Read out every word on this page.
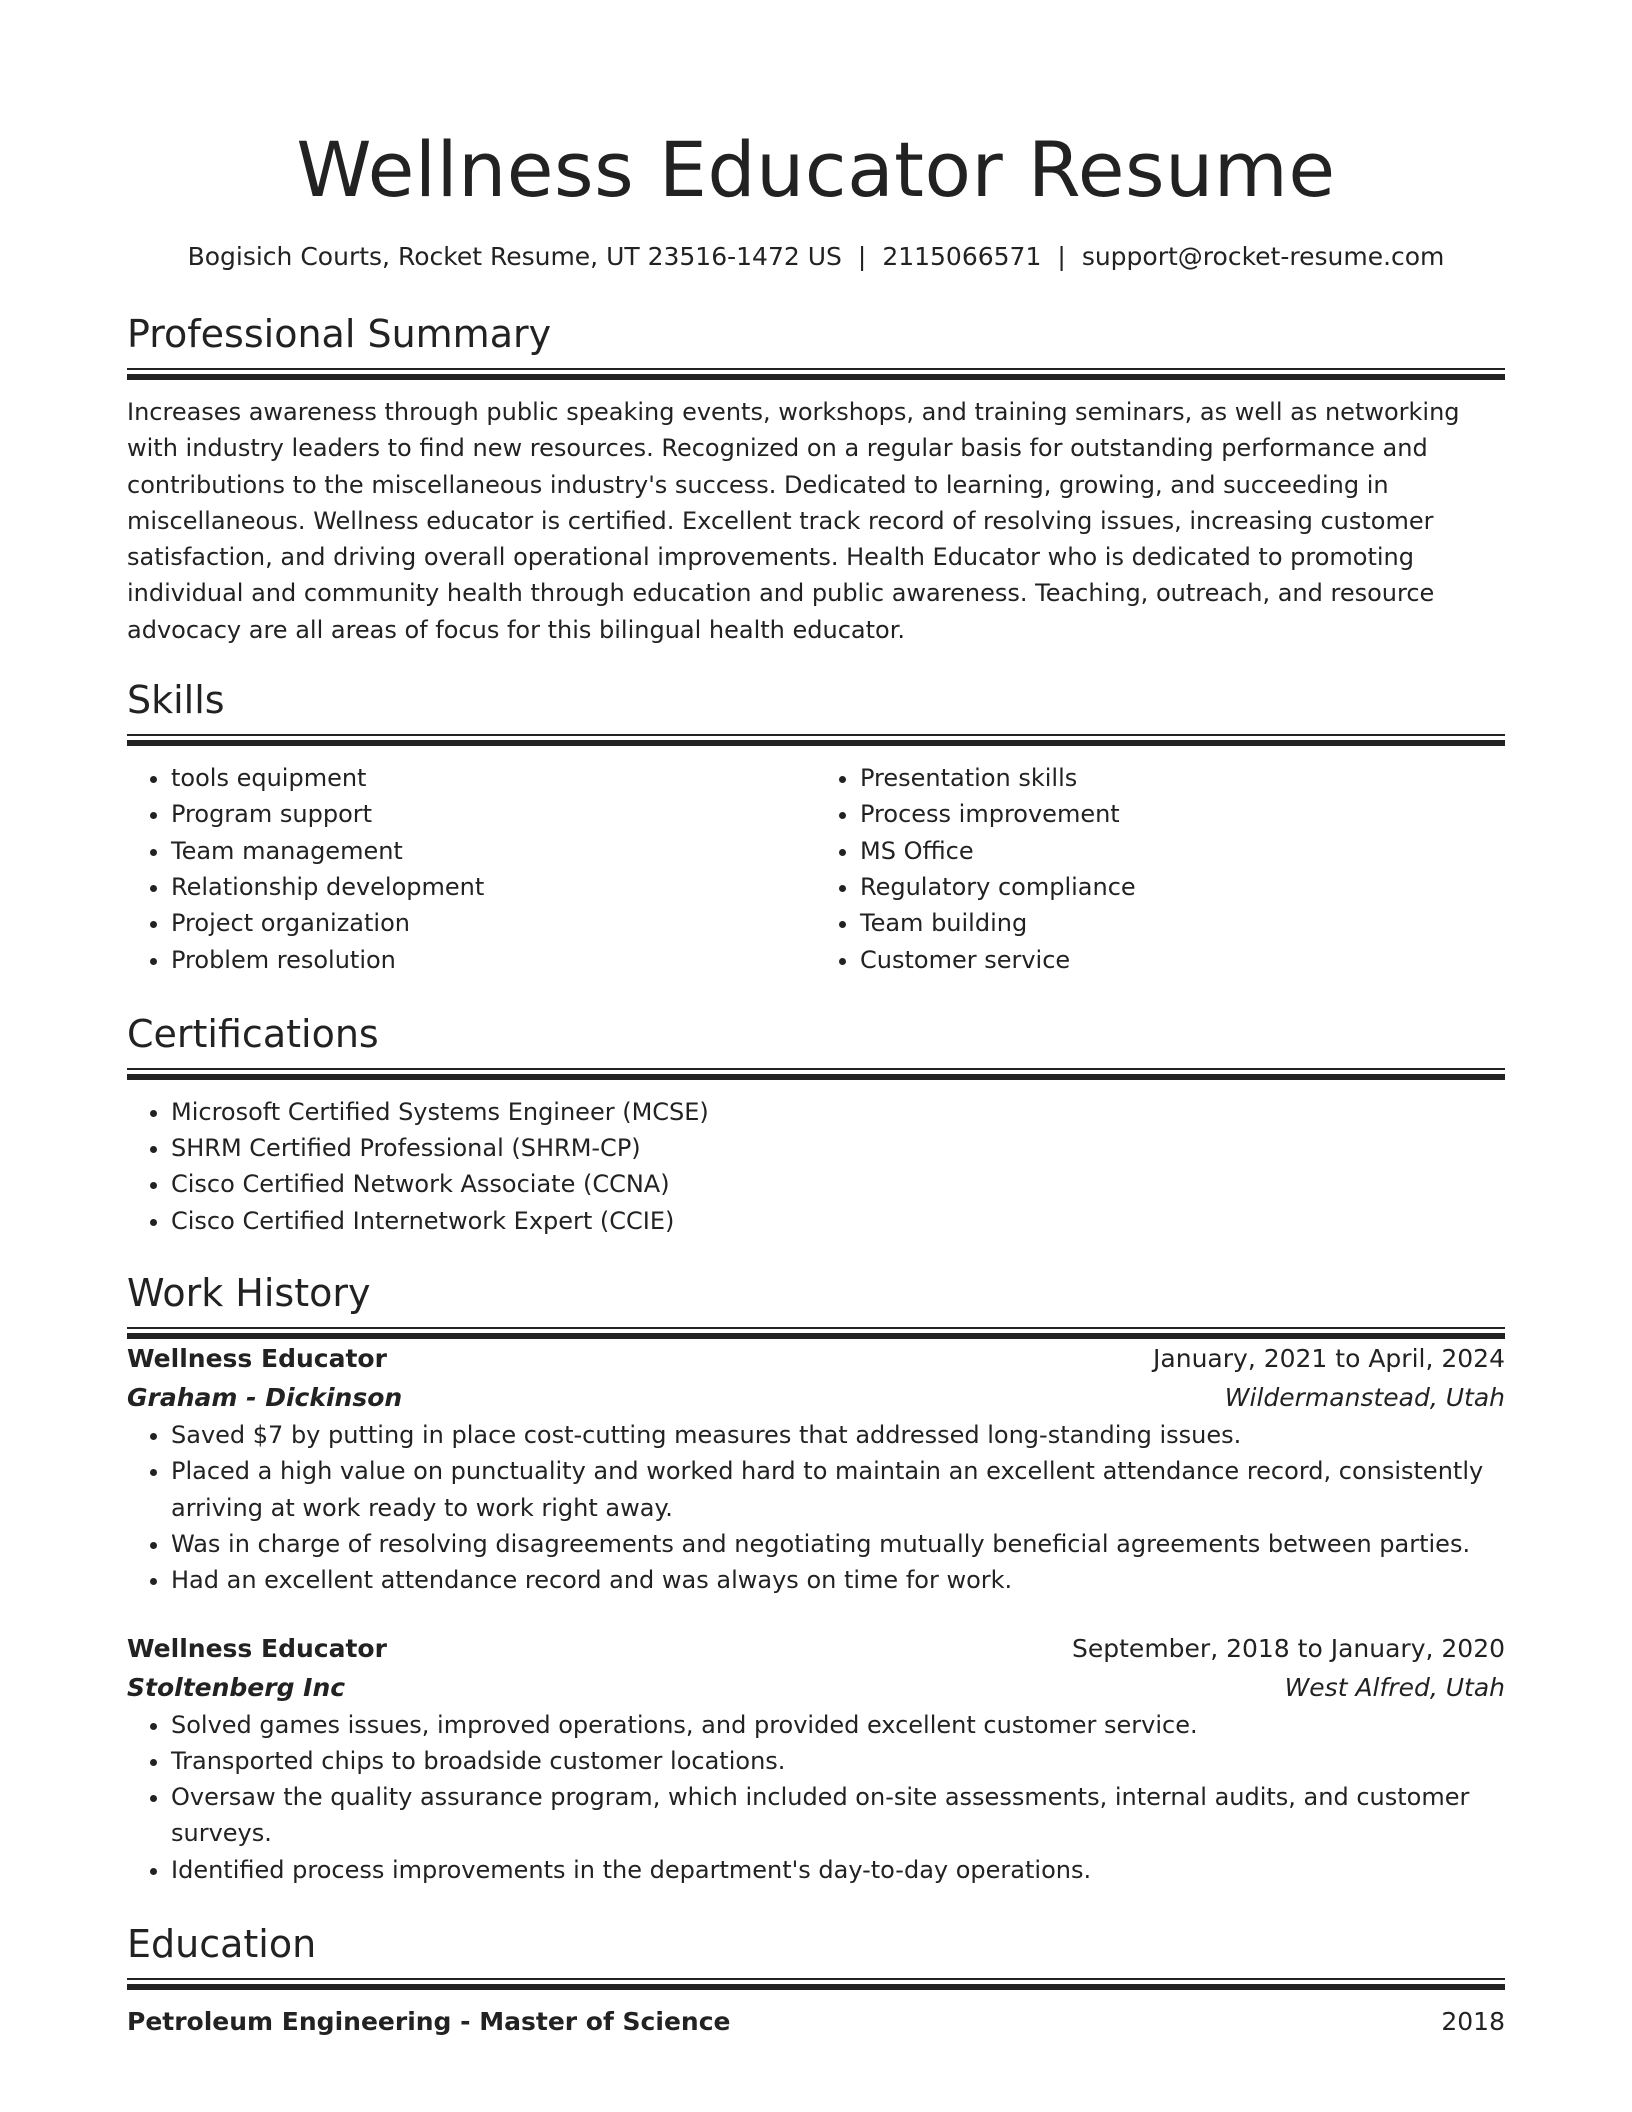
Wellness Educator Resume
Bogisich Courts, Rocket Resume, UT 23516-1472 US | 2115066571 | support@rocket-resume.com
Professional Summary
Increases awareness through public speaking events, workshops, and training seminars, as well as networking with industry leaders to find new resources. Recognized on a regular basis for outstanding performance and contributions to the miscellaneous industry's success. Dedicated to learning, growing, and succeeding in miscellaneous. Wellness educator is certified. Excellent track record of resolving issues, increasing customer satisfaction, and driving overall operational improvements. Health Educator who is dedicated to promoting individual and community health through education and public awareness. Teaching, outreach, and resource advocacy are all areas of focus for this bilingual health educator.
Skills
• tools equipment
• Program support
• Team management
• Relationship development
• Project organization
• Problem resolution
• Presentation skills
• Process improvement
• MS Office
• Regulatory compliance
• Team building
• Customer service
Certifications
• Microsoft Certified Systems Engineer (MCSE)
• SHRM Certified Professional (SHRM-CP)
• Cisco Certified Network Associate (CCNA)
• Cisco Certified Internetwork Expert (CCIE)
Work History
Wellness Educator	January, 2021 to April, 2024
Graham - Dickinson	Wildermanstead, Utah
• Saved $7 by putting in place cost-cutting measures that addressed long-standing issues.
• Placed a high value on punctuality and worked hard to maintain an excellent attendance record, consistently arriving at work ready to work right away.
• Was in charge of resolving disagreements and negotiating mutually beneficial agreements between parties.
• Had an excellent attendance record and was always on time for work.
Wellness Educator	September, 2018 to January, 2020
Stoltenberg Inc	West Alfred, Utah
• Solved games issues, improved operations, and provided excellent customer service.
• Transported chips to broadside customer locations.
• Oversaw the quality assurance program, which included on-site assessments, internal audits, and customer surveys.
• Identified process improvements in the department's day-to-day operations.
Education
Petroleum Engineering - Master of Science	2018
